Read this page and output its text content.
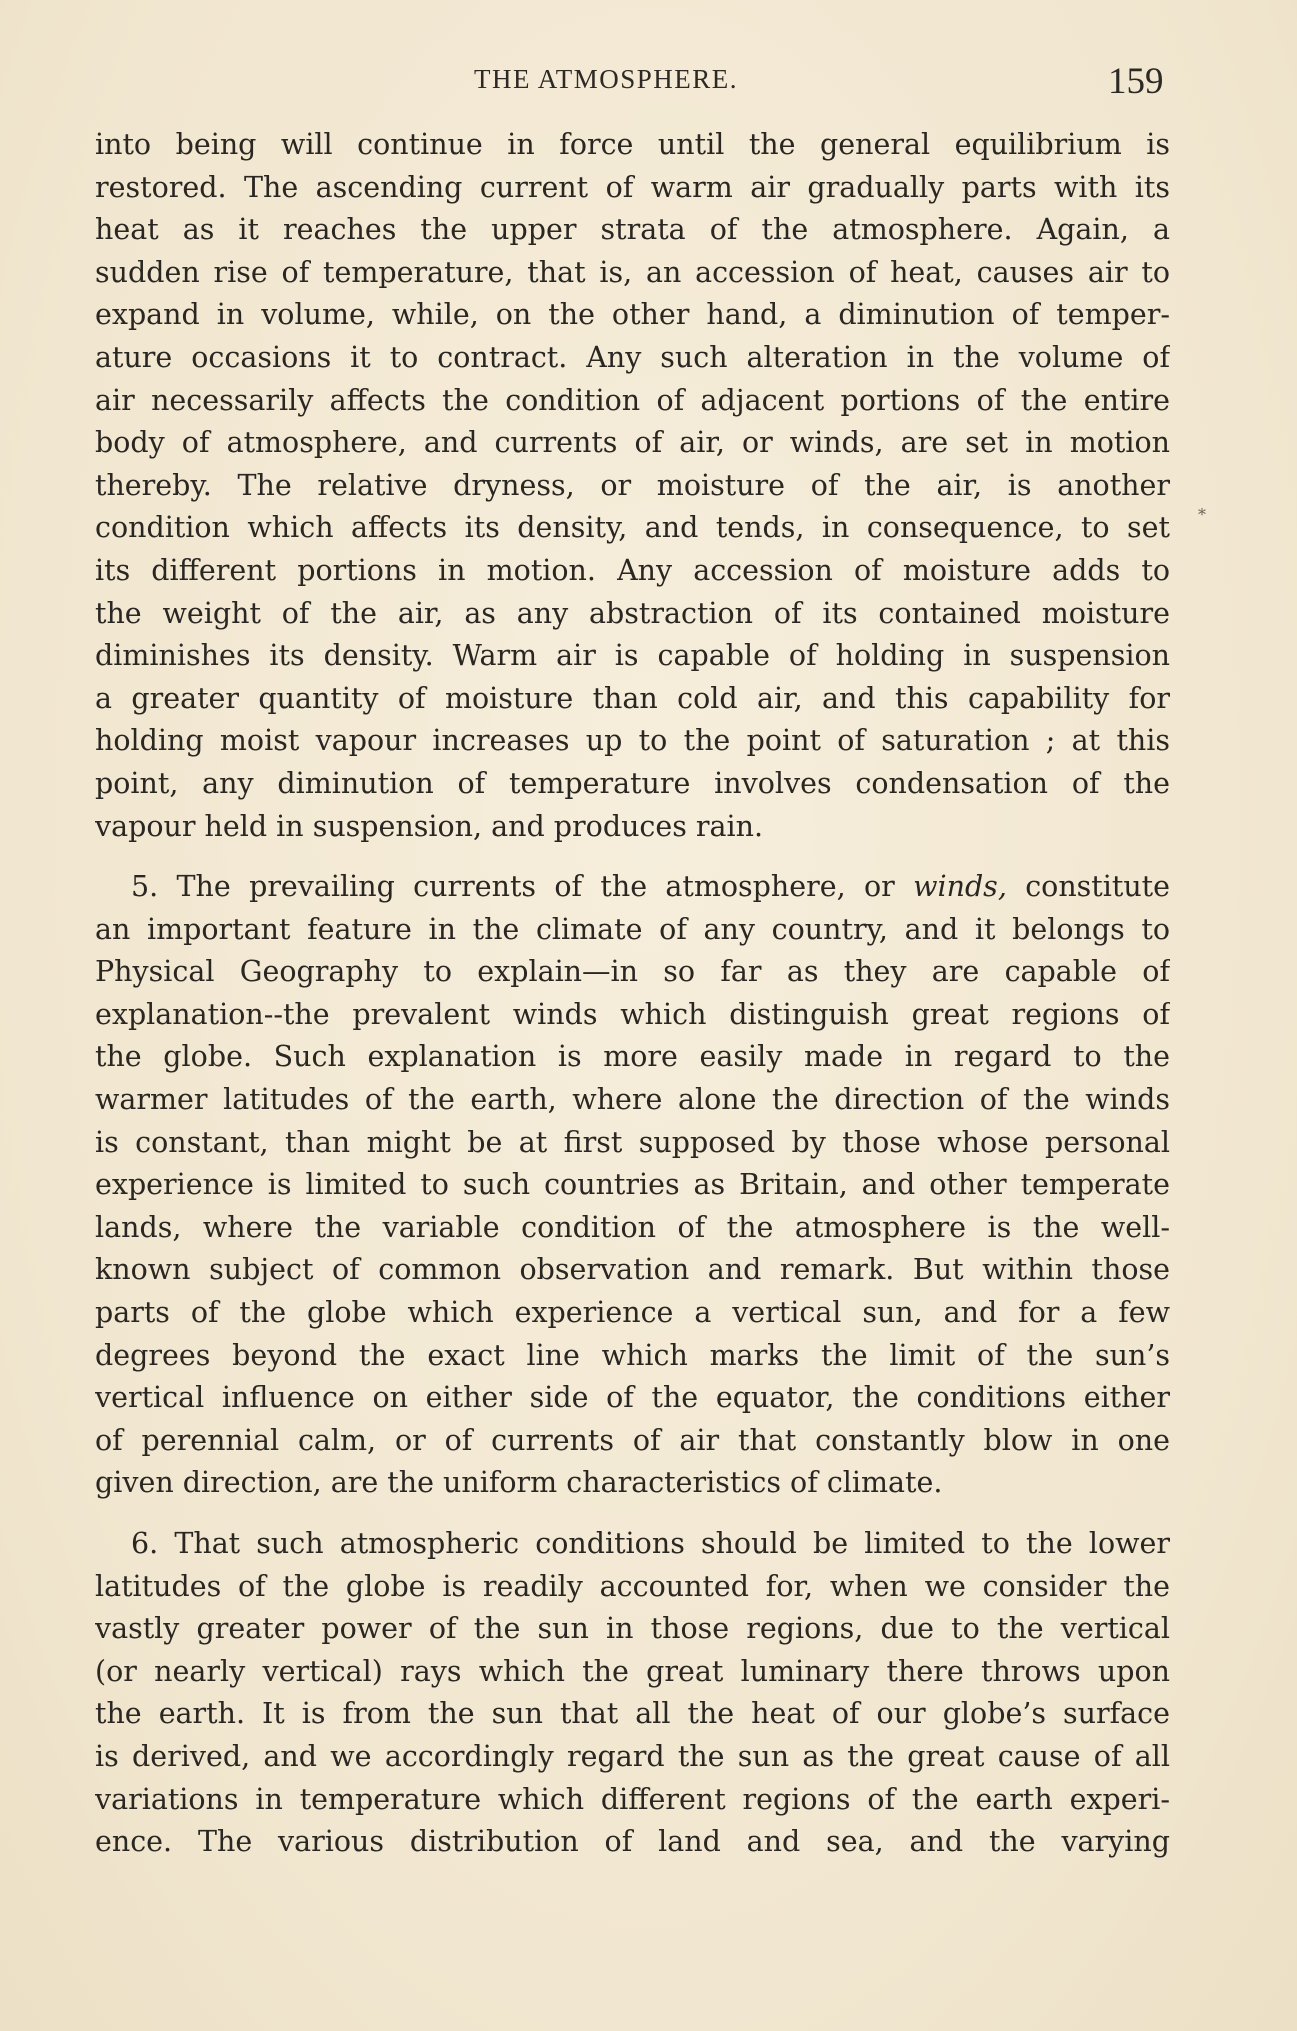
THE ATMOSPHERE.	159
*
into being will continue in force until the general equilibrium is
restored. The ascending current of warm air gradually parts with its
heat as it reaches the upper strata of the atmosphere. Again, a
sudden rise of temperature, that is, an accession of heat, causes air to
expand in volume, while, on the other hand, a diminution of temper-
ature occasions it to contract. Any such alteration in the volume of
air necessarily affects the condition of adjacent portions of the entire
body of atmosphere, and currents of air, or winds, are set in motion
thereby. The relative dryness, or moisture of the air, is another
condition which affects its density, and tends, in consequence, to set
its different portions in motion. Any accession of moisture adds to
the weight of the air, as any abstraction of its contained moisture
diminishes its density. Warm air is capable of holding in suspension
a greater quantity of moisture than cold air, and this capability for
holding moist vapour increases up to the point of saturation ; at this
point, any diminution of temperature involves condensation of the
vapour held in suspension, and produces rain.
5. The prevailing currents of the atmosphere, or winds, constitute
an important feature in the climate of any country, and it belongs to
Physical Geography to explain—in so far as they are capable of
explanation--the prevalent winds which distinguish great regions of
the globe. Such explanation is more easily made in regard to the
warmer latitudes of the earth, where alone the direction of the winds
is constant, than might be at first supposed by those whose personal
experience is limited to such countries as Britain, and other temperate
lands, where the variable condition of the atmosphere is the well-
known subject of common observation and remark. But within those
parts of the globe which experience a vertical sun, and for a few
degrees beyond the exact line which marks the limit of the sun’s
vertical influence on either side of the equator, the conditions either
of perennial calm, or of currents of air that constantly blow in one
given direction, are the uniform characteristics of climate.
6. That such atmospheric conditions should be limited to the lower
latitudes of the globe is readily accounted for, when we consider the
vastly greater power of the sun in those regions, due to the vertical
(or nearly vertical) rays which the great luminary there throws upon
the earth. It is from the sun that all the heat of our globe’s surface
is derived, and we accordingly regard the sun as the great cause of all
variations in temperature which different regions of the earth experi-
ence. The various distribution of land and sea, and the varying
